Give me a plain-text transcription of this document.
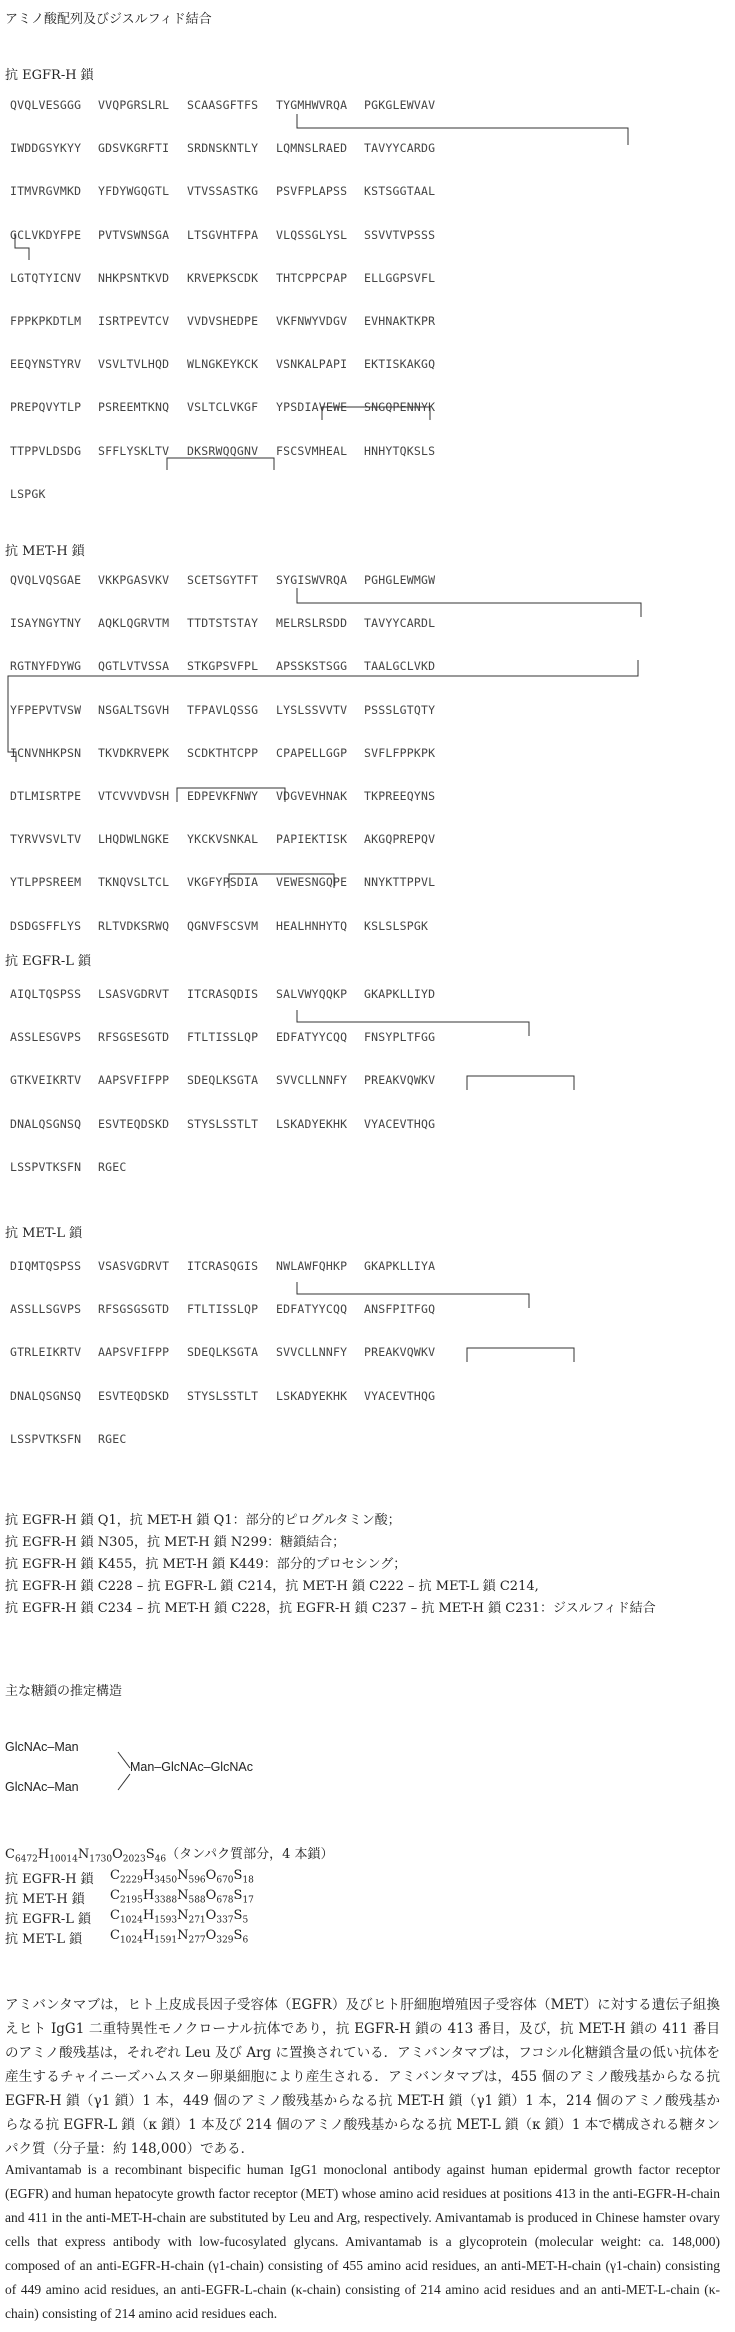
アミノ酸配列及びジスルフィド結合
抗 EGFR-H 鎖
抗 MET-H 鎖
抗 EGFR-L 鎖
抗 MET-L 鎖
QVQLVESGGG VVQPGRSLRL SCAASGFTFS TYGMHWVRQA PGKGLEWVAV
IWDDGSYKYY GDSVKGRFTI SRDNSKNTLY LQMNSLRAED TAVYYCARDG
ITMVRGVMKD YFDYWGQGTL VTVSSASTKG PSVFPLAPSS KSTSGGTAAL
GCLVKDYFPE PVTVSWNSGA LTSGVHTFPA VLQSSGLYSL SSVVTVPSSS
LGTQTYICNV NHKPSNTKVD KRVEPKSCDK THTCPPCPAP ELLGGPSVFL
FPPKPKDTLM ISRTPEVTCV VVDVSHEDPE VKFNWYVDGV EVHNAKTKPR
EEQYNSTYRV VSVLTVLHQD WLNGKEYKCK VSNKALPAPI EKTISKAKGQ
PREPQVYTLP PSREEMTKNQ VSLTCLVKGF YPSDIAVEWE SNGQPENNYK
TTPPVLDSDG SFFLYSKLTV DKSRWQQGNV FSCSVMHEAL HNHYTQKSLS
LSPGK
QVQLVQSGAE VKKPGASVKV SCETSGYTFT SYGISWVRQA PGHGLEWMGW
ISAYNGYTNY AQKLQGRVTM TTDTSTSTAY MELRSLRSDD TAVYYCARDL
RGTNYFDYWG QGTLVTVSSA STKGPSVFPL APSSKSTSGG TAALGCLVKD
YFPEPVTVSW NSGALTSGVH TFPAVLQSSG LYSLSSVVTV PSSSLGTQTY
ICNVNHKPSN TKVDKRVEPK SCDKTHTCPP CPAPELLGGP SVFLFPPKPK
DTLMISRTPE VTCVVVDVSH EDPEVKFNWY VDGVEVHNAK TKPREEQYNS
TYRVVSVLTV LHQDWLNGKE YKCKVSNKAL PAPIEKTISK AKGQPREPQV
YTLPPSREEM TKNQVSLTCL VKGFYPSDIA VEWESNGQPE NNYKTTPPVL
DSDGSFFLYS RLTVDKSRWQ QGNVFSCSVM HEALHNHYTQ KSLSLSPGK
AIQLTQSPSS LSASVGDRVT ITCRASQDIS SALVWYQQKP GKAPKLLIYD
ASSLESGVPS RFSGSESGTD FTLTISSLQP EDFATYYCQQ FNSYPLTFGG
GTKVEIKRTV AAPSVFIFPP SDEQLKSGTA SVVCLLNNFY PREAKVQWKV
DNALQSGNSQ ESVTEQDSKD STYSLSSTLT LSKADYEKHK VYACEVTHQG
LSSPVTKSFN RGEC
DIQMTQSPSS VSASVGDRVT ITCRASQGIS NWLAWFQHKP GKAPKLLIYA
ASSLLSGVPS RFSGSGSGTD FTLTISSLQP EDFATYYCQQ ANSFPITFGQ
GTRLEIKRTV AAPSVFIFPP SDEQLKSGTA SVVCLLNNFY PREAKVQWKV
DNALQSGNSQ ESVTEQDSKD STYSLSSTLT LSKADYEKHK VYACEVTHQG
LSSPVTKSFN RGEC
抗 EGFR-H 鎖 Q1，抗 MET-H 鎖 Q1：部分的ピログルタミン酸；
抗 EGFR-H 鎖 N305，抗 MET-H 鎖 N299：糖鎖結合；
抗 EGFR-H 鎖 K455，抗 MET-H 鎖 K449：部分的プロセシング；
抗 EGFR-H 鎖 C228 – 抗 EGFR-L 鎖 C214，抗 MET-H 鎖 C222 – 抗 MET-L 鎖 C214,
抗 EGFR-H 鎖 C234 – 抗 MET-H 鎖 C228，抗 EGFR-H 鎖 C237 – 抗 MET-H 鎖 C231：ジスルフィド結合
主な糖鎖の推定構造
GlcNAc–Man
GlcNAc–Man
Man–GlcNAc–GlcNAc
$C_{6472}H_{10014}N_{1730}O_{2023}S_{46}$（タンパク質部分，4 本鎖）
抗 EGFR-H 鎖 $C_{2229}H_{3450}N_{596}O_{670}S_{18}$
抗 MET-H 鎖 $C_{2195}H_{3388}N_{588}O_{678}S_{17}$
抗 EGFR-L 鎖 $C_{1024}H_{1593}N_{271}O_{337}S_5$
抗 MET-L 鎖 $C_{1024}H_{1591}N_{277}O_{329}S_6$
アミバンタマブは，ヒト上皮成長因子受容体（EGFR）及びヒト肝細胞増殖因子受容体（MET）に対する遺伝子組換えヒト IgG1 二重特異性モノクローナル抗体であり，抗 EGFR-H 鎖の 413 番目，及び，抗 MET-H 鎖の 411 番目のアミノ酸残基は，それぞれ Leu 及び Arg に置換されている．アミバンタマブは，フコシル化糖鎖含量の低い抗体を産生するチャイニーズハムスター卵巣細胞により産生される．アミバンタマブは，455 個のアミノ酸残基からなる抗 EGFR-H 鎖（γ1 鎖）1 本，449 個のアミノ酸残基からなる抗 MET-H 鎖（γ1 鎖）1 本，214 個のアミノ酸残基からなる抗 EGFR-L 鎖（κ 鎖）1 本及び 214 個のアミノ酸残基からなる抗 MET-L 鎖（κ 鎖）1 本で構成される糖タンパク質（分子量：約 148,000）である．
Amivantamab is a recombinant bispecific human IgG1 monoclonal antibody against human epidermal growth factor receptor (EGFR) and human hepatocyte growth factor receptor (MET) whose amino acid residues at positions 413 in the anti-EGFR-H-chain and 411 in the anti-MET-H-chain are substituted by Leu and Arg, respectively. Amivantamab is produced in Chinese hamster ovary cells that express antibody with low-fucosylated glycans. Amivantamab is a glycoprotein (molecular weight: ca. 148,000) composed of an anti-EGFR-H-chain (γ1-chain) consisting of 455 amino acid residues, an anti-MET-H-chain (γ1-chain) consisting of 449 amino acid residues, an anti-EGFR-L-chain (κ-chain) consisting of 214 amino acid residues and an anti-MET-L-chain (κ-chain) consisting of 214 amino acid residues each.
